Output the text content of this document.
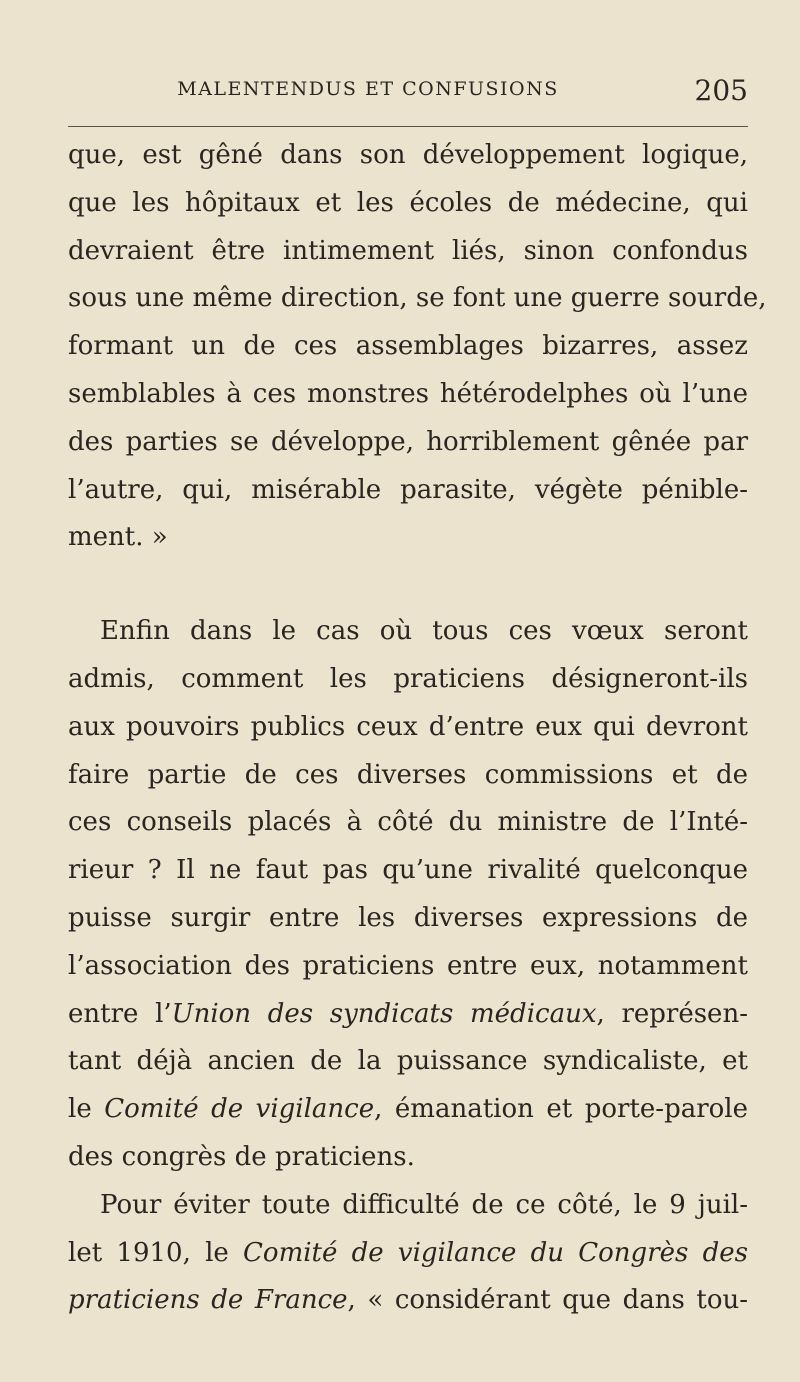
MALENTENDUS ET CONFUSIONS	205
que, est gêné dans son développement logique,
que les hôpitaux et les écoles de médecine, qui
devraient être intimement liés, sinon confondus
sous une même direction, se font une guerre sourde,
formant un de ces assemblages bizarres, assez
semblables à ces monstres hétérodelphes où l’une
des parties se développe, horriblement gênée par
l’autre, qui, misérable parasite, végète pénible-
ment. »
Enfin dans le cas où tous ces vœux seront
admis, comment les praticiens désigneront-ils
aux pouvoirs publics ceux d’entre eux qui devront
faire partie de ces diverses commissions et de
ces conseils placés à côté du ministre de l’Inté-
rieur ? Il ne faut pas qu’une rivalité quelconque
puisse surgir entre les diverses expressions de
l’association des praticiens entre eux, notamment
entre l’Union des syndicats médicaux, représen-
tant déjà ancien de la puissance syndicaliste, et
le Comité de vigilance, émanation et porte-parole
des congrès de praticiens.
Pour éviter toute difficulté de ce côté, le 9 juil-
let 1910, le Comité de vigilance du Congrès des
praticiens de France, « considérant que dans tou-
